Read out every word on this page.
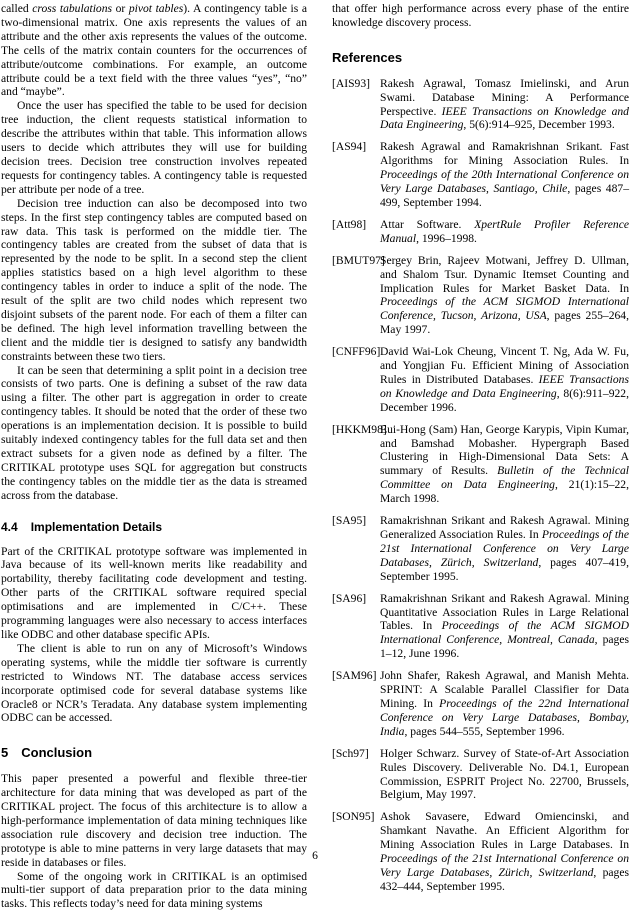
called cross tabulations or pivot tables). A contingency table is a two-dimensional matrix. One axis represents the values of an attribute and the other axis represents the values of the outcome. The cells of the matrix contain counters for the occurrences of attribute/outcome combinations. For example, an outcome attribute could be a text field with the three values “yes”, “no” and “maybe”.

Once the user has specified the table to be used for decision tree induction, the client requests statistical information to describe the attributes within that table. This information allows users to decide which attributes they will use for building decision trees. Decision tree construction involves repeated requests for contingency tables. A contingency table is requested per attribute per node of a tree.

Decision tree induction can also be decomposed into two steps. In the first step contingency tables are computed based on raw data. This task is performed on the middle tier. The contingency tables are created from the subset of data that is represented by the node to be split. In a second step the client applies statistics based on a high level algorithm to these contingency tables in order to induce a split of the node. The result of the split are two child nodes which represent two disjoint subsets of the parent node. For each of them a filter can be defined. The high level information travelling between the client and the middle tier is designed to satisfy any bandwidth constraints between these two tiers.

It can be seen that determining a split point in a decision tree consists of two parts. One is defining a subset of the raw data using a filter. The other part is aggregation in order to create contingency tables. It should be noted that the order of these two operations is an implementation decision. It is possible to build suitably indexed contingency tables for the full data set and then extract subsets for a given node as defined by a filter. The CRITIKAL prototype uses SQL for aggregation but constructs the contingency tables on the middle tier as the data is streamed across from the database.

4.4 Implementation Details

Part of the CRITIKAL prototype software was implemented in Java because of its well-known merits like readability and portability, thereby facilitating code development and testing. Other parts of the CRITIKAL software required special optimisations and are implemented in C/C++. These programming languages were also necessary to access interfaces like ODBC and other database specific APIs.

The client is able to run on any of Microsoft’s Windows operating systems, while the middle tier software is currently restricted to Windows NT. The database access services incorporate optimised code for several database systems like Oracle8 or NCR’s Teradata. Any database system implementing ODBC can be accessed.

5 Conclusion

This paper presented a powerful and flexible three-tier architecture for data mining that was developed as part of the CRITIKAL project. The focus of this architecture is to allow a high-performance implementation of data mining techniques like association rule discovery and decision tree induction. The prototype is able to mine patterns in very large datasets that may reside in databases or files.

Some of the ongoing work in CRITIKAL is an optimised multi-tier support of data preparation prior to the data mining tasks. This reflects today’s need for data mining systems

that offer high performance across every phase of the entire knowledge discovery process.

References
[AIS93] Rakesh Agrawal, Tomasz Imielinski, and Arun Swami. Database Mining: A Performance Perspective. IEEE Transactions on Knowledge and Data Engineering, 5(6):914–925, December 1993.
[AS94]	Rakesh Agrawal and Ramakrishnan Srikant. Fast Algorithms for Mining Association Rules. In Proceedings of the 20th International Conference on Very Large Databases, Santiago, Chile, pages 487–499, September 1994.
[Att98]	Attar Software. XpertRule Profiler Reference Manual, 1996–1998.
[BMUT97]
Sergey Brin, Rajeev Motwani, Jeffrey D. Ullman, and Shalom Tsur. Dynamic Itemset Counting and Implication Rules for Market Basket Data. In Proceedings of the ACM SIGMOD International Conference, Tucson, Arizona, USA, pages 255–264, May 1997.
[CNFF96] David Wai-Lok Cheung, Vincent T. Ng, Ada W. Fu, and Yongjian Fu. Efficient Mining of Association Rules in Distributed Databases. IEEE Transactions on Knowledge and Data Engineering, 8(6):911–922, December 1996.
[HKKM98]
Eui-Hong (Sam) Han, George Karypis, Vipin Kumar, and Bamshad Mobasher. Hypergraph Based Clustering in High-Dimensional Data Sets: A summary of Results. Bulletin of the Technical Committee on Data Engineering, 21(1):15–22, March 1998.
[SA95]	Ramakrishnan Srikant and Rakesh Agrawal. Mining Generalized Association Rules. In Proceedings of the 21st International Conference on Very Large Databases, Zürich, Switzerland, pages 407–419, September 1995.
[SA96]	Ramakrishnan Srikant and Rakesh Agrawal. Mining Quantitative Association Rules in Large Relational Tables. In Proceedings of the ACM SIGMOD International Conference, Montreal, Canada, pages 1–12, June 1996.
[SAM96] John Shafer, Rakesh Agrawal, and Manish Mehta. SPRINT: A Scalable Parallel Classifier for Data Mining. In Proceedings of the 22nd International Conference on Very Large Databases, Bombay, India, pages 544–555, September 1996.
[Sch97] Holger Schwarz. Survey of State-of-Art Association Rules Discovery. Deliverable No. D4.1, European Commission, ESPRIT Project No. 22700, Brussels, Belgium, May 1997.
[SON95] Ashok Savasere, Edward Omiencinski, and Shamkant Navathe. An Efficient Algorithm for Mining Association Rules in Large Databases. In Proceedings of the 21st International Conference on Very Large Databases, Zürich, Switzerland, pages 432–444, September 1995.
6
